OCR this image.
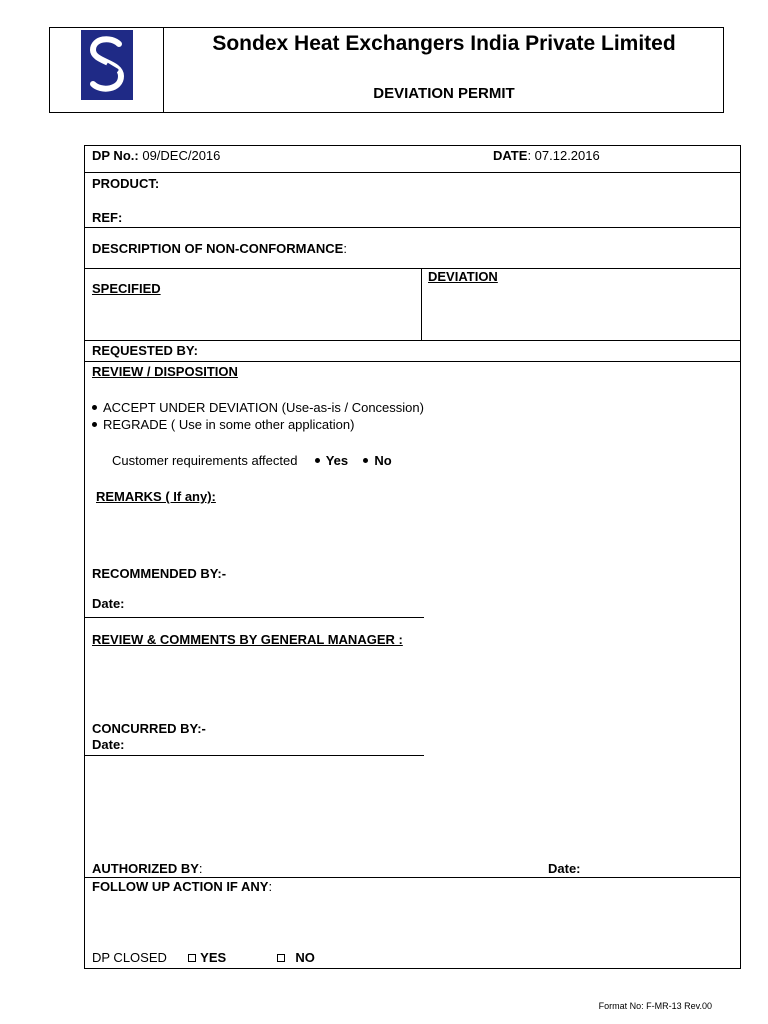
Sondex Heat Exchangers India Private Limited
DEVIATION PERMIT
DP No.: 09/DEC/2016	DATE: 07.12.2016
PRODUCT:
REF:
DESCRIPTION OF NON-CONFORMANCE:
SPECIFIED
DEVIATION
REQUESTED BY:
REVIEW / DISPOSITION
ACCEPT UNDER DEVIATION (Use-as-is / Concession)
REGRADE ( Use in some other application)
Customer requirements affected Yes No
REMARKS ( If any):
RECOMMENDED BY:-
Date:
REVIEW & COMMENTS BY GENERAL MANAGER :
CONCURRED BY:-
Date:
AUTHORIZED BY:	Date:
FOLLOW UP ACTION IF ANY:
DP CLOSED	YES	NO
Format No: F-MR-13 Rev.00
